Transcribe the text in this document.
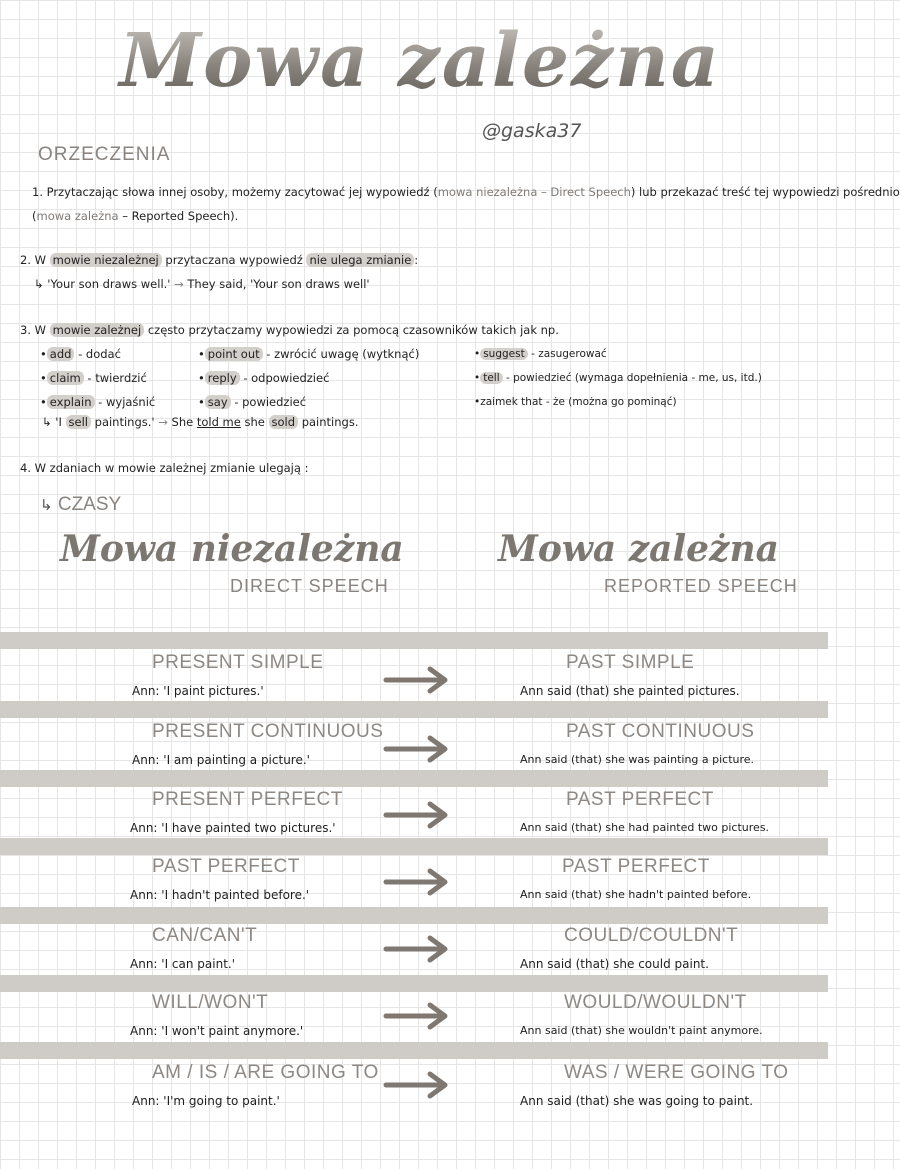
Mowa zależna
@gaska37
ORZECZENIA
1. Przytaczając słowa innej osoby, możemy zacytować jej wypowiedź (mowa niezależna – Direct Speech) lub przekazać treść tej wypowiedzi pośrednio
(mowa zależna – Reported Speech).
2. W mowie niezależnej przytaczana wypowiedź nie ulega zmianie :
↳ 'Your son draws well.' → They said, 'Your son draws well'
3. W mowie zależnej często przytaczamy wypowiedzi za pomocą czasowników takich jak np.
• add - dodać
• claim - twierdzić
• explain - wyjaśnić
• point out - zwrócić uwagę (wytknąć)
• reply - odpowiedzieć
• say - powiedzieć
• suggest - zasugerować
• tell - powiedzieć (wymaga dopełnienia - me, us, itd.)
•zaimek that - że (można go pominąć)
↳ 'I sell paintings.' → She told me she sold paintings.
4. W zdaniach w mowie zależnej zmianie ulegają :
↳ CZASY
Mowa niezależna
DIRECT SPEECH
Mowa zależna
REPORTED SPEECH
PRESENT SIMPLE
Ann: 'I paint pictures.'
PAST SIMPLE
Ann said (that) she painted pictures.
PRESENT CONTINUOUS
Ann: 'I am painting a picture.'
PAST CONTINUOUS
Ann said (that) she was painting a picture.
PRESENT PERFECT
Ann: 'I have painted two pictures.'
PAST PERFECT
Ann said (that) she had painted two pictures.
PAST PERFECT
Ann: 'I hadn't painted before.'
PAST PERFECT
Ann said (that) she hadn't painted before.
CAN/CAN'T
Ann: 'I can paint.'
COULD/COULDN'T
Ann said (that) she could paint.
WILL/WON'T
Ann: 'I won't paint anymore.'
WOULD/WOULDN'T
Ann said (that) she wouldn't paint anymore.
AM / IS / ARE GOING TO
Ann: 'I'm going to paint.'
WAS / WERE GOING TO
Ann said (that) she was going to paint.
